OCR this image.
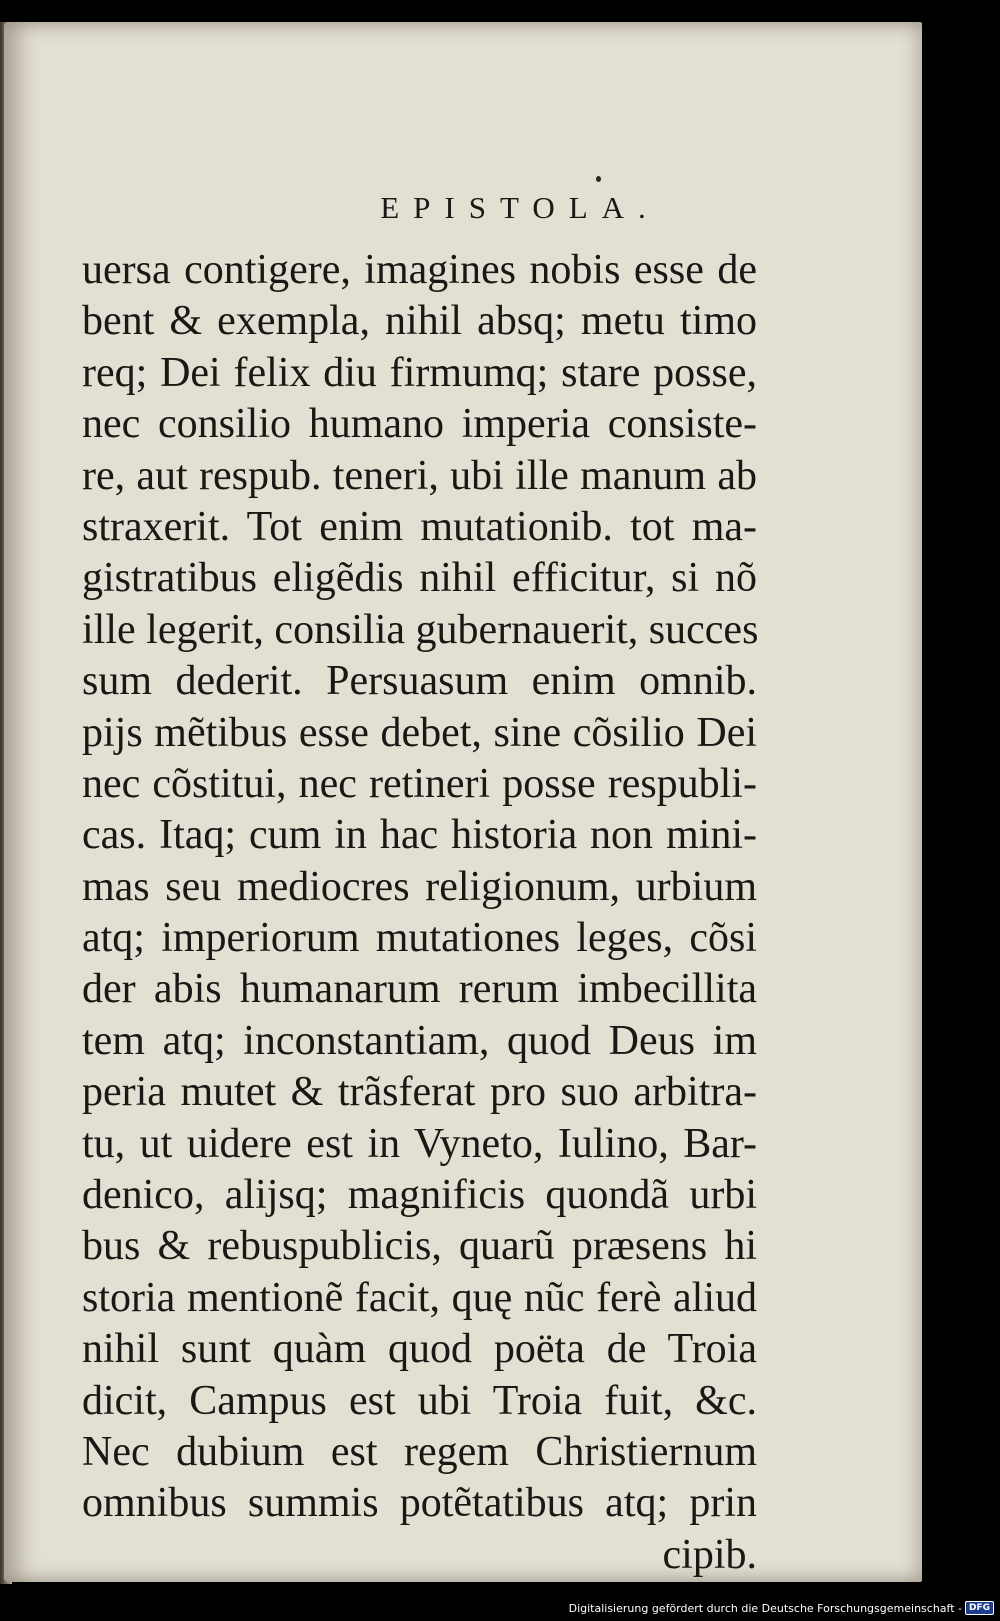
EPISTOLA.
uersa contigere, imagines nobis esse de
bent & exempla, nihil absq; metu timo
req; Dei felix diu firmumq; stare posse,
nec consilio humano imperia consiste-
re, aut respub. teneri, ubi ille manum ab
straxerit. Tot enim mutationib. tot ma-
gistratibus eligẽdis nihil efficitur, si nõ
ille legerit, consilia gubernauerit, succes
sum dederit. Persuasum enim omnib.
pijs mẽtibus esse debet, sine cõsilio Dei
nec cõstitui, nec retineri posse respubli-
cas. Itaq; cum in hac historia non mini-
mas seu mediocres religionum, urbium
atq; imperiorum mutationes leges, cõsi
der abis humanarum rerum imbecillita
tem atq; inconstantiam, quod Deus im
peria mutet & trãsferat pro suo arbitra-
tu, ut uidere est in Vyneto, Iulino, Bar-
denico, alijsq; magnificis quondã urbi
bus & rebuspublicis, quarũ præsens hi
storia mentionẽ facit, quę nũc ferè aliud
nihil sunt quàm quod poëta de Troia
dicit, Campus est ubi Troia fuit, &c.
Nec dubium est regem Christiernum
omnibus summis potẽtatibus atq; prin
cipib.
Digitalisierung gefördert durch die Deutsche Forschungsgemeinschaft - DFG
